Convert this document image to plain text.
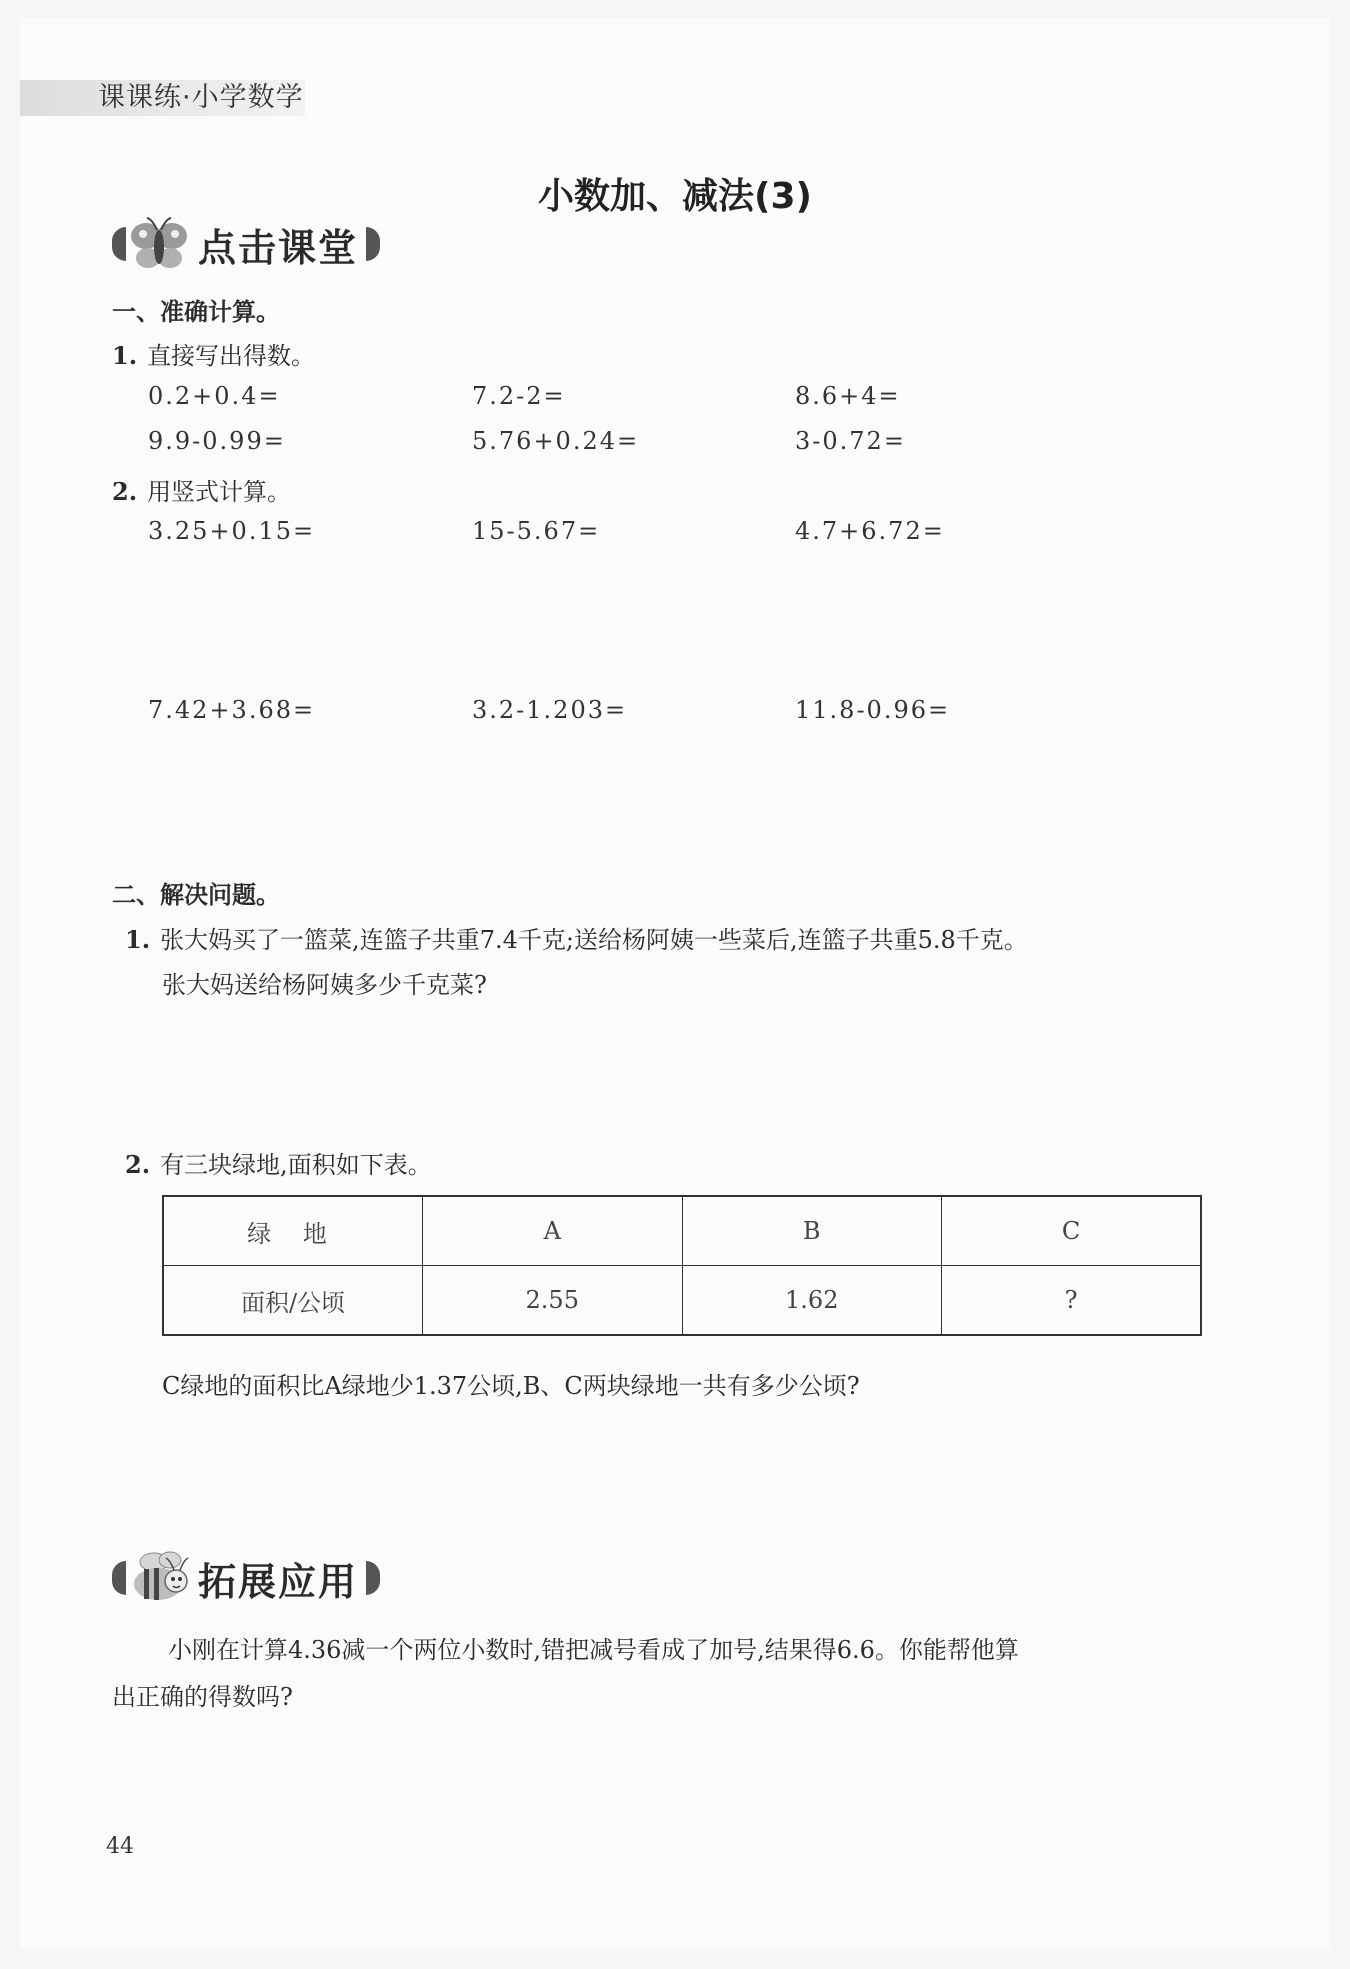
课课练·小学数学
小数加、减法(3)
点击课堂
一、准确计算。
1. 直接写出得数。
0.2+0.4=	7.2-2=	8.6+4=
9.9-0.99=	5.76+0.24=	3-0.72=
2. 用竖式计算。
3.25+0.15=	15-5.67=	4.7+6.72=
7.42+3.68=	3.2-1.203=	11.8-0.96=
二、解决问题。
1. 张大妈买了一篮菜,连篮子共重7.4千克;送给杨阿姨一些菜后,连篮子共重5.8千克。
张大妈送给杨阿姨多少千克菜?
2. 有三块绿地,面积如下表。
绿 地	A	B	C
面积/公顷	2.55	1.62	?
C绿地的面积比A绿地少1.37公顷,B、C两块绿地一共有多少公顷?
拓展应用
小刚在计算4.36减一个两位小数时,错把减号看成了加号,结果得6.6。你能帮他算
出正确的得数吗?
44
